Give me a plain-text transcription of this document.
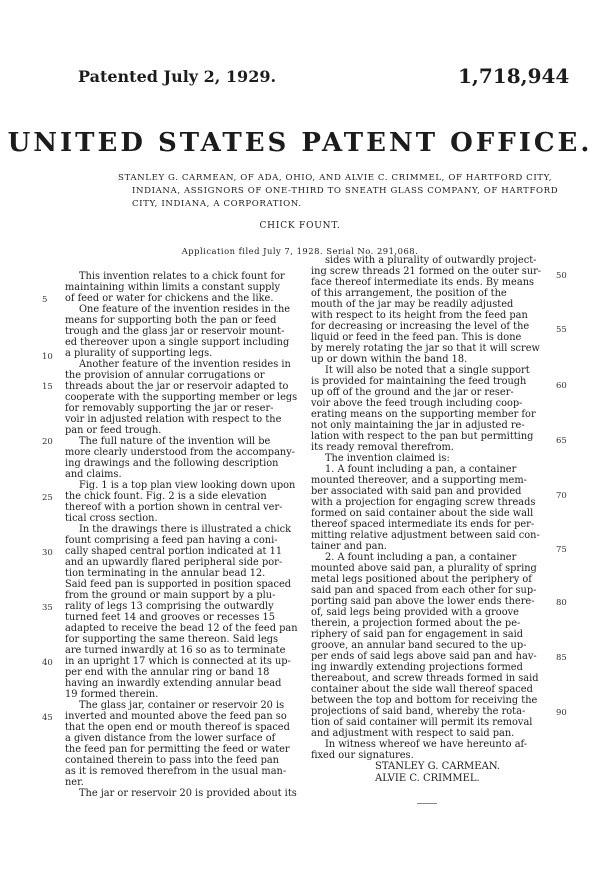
Patented July 2, 1929.	1,718,944
UNITED STATES PATENT OFFICE.
STANLEY G. CARMEAN, OF ADA, OHIO, AND ALVIE C. CRIMMEL, OF HARTFORD CITY,
INDIANA, ASSIGNORS OF ONE-THIRD TO SNEATH GLASS COMPANY, OF HARTFORD
CITY, INDIANA, A CORPORATION.
CHICK FOUNT.
Application filed July 7, 1928. Serial No. 291,068.

This invention relates to a chick fount for
maintaining within limits a constant supply
of feed or water for chickens and the like.

One feature of the invention resides in the
means for supporting both the pan or feed
trough and the glass jar or reservoir mount-
ed thereover upon a single support including
a plurality of supporting legs.

Another feature of the invention resides in
the provision of annular corrugations or
threads about the jar or reservoir adapted to
cooperate with the supporting member or legs
for removably supporting the jar or reser-
voir in adjusted relation with respect to the
pan or feed trough.

The full nature of the invention will be
more clearly understood from the accompany-
ing drawings and the following description
and claims.

Fig. 1 is a top plan view looking down upon
the chick fount. Fig. 2 is a side elevation
thereof with a portion shown in central ver-
tical cross section.

In the drawings there is illustrated a chick
fount comprising a feed pan having a coni-
cally shaped central portion indicated at 11
and an upwardly flared peripheral side por-
tion terminating in the annular bead 12.
Said feed pan is supported in position spaced
from the ground or main support by a plu-
rality of legs 13 comprising the outwardly
turned feet 14 and grooves or recesses 15
adapted to receive the bead 12 of the feed pan
for supporting the same thereon. Said legs
are turned inwardly at 16 so as to terminate
in an upright 17 which is connected at its up-
per end with the annular ring or band 18
having an inwardly extending annular bead
19 formed therein.

The glass jar, container or reservoir 20 is
inverted and mounted above the feed pan so
that the open end or mouth thereof is spaced
a given distance from the lower surface of
the feed pan for permitting the feed or water
contained therein to pass into the feed pan
as it is removed therefrom in the usual man-
ner.

The jar or reservoir 20 is provided about its

sides with a plurality of outwardly project-
ing screw threads 21 formed on the outer sur-
face thereof intermediate its ends. By means
of this arrangement, the position of the
mouth of the jar may be readily adjusted
with respect to its height from the feed pan
for decreasing or increasing the level of the
liquid or feed in the feed pan. This is done
by merely rotating the jar so that it will screw
up or down within the band 18.

It will also be noted that a single support
is provided for maintaining the feed trough
up off of the ground and the jar or reser-
voir above the feed trough including coop-
erating means on the supporting member for
not only maintaining the jar in adjusted re-
lation with respect to the pan but permitting
its ready removal therefrom.

The invention claimed is:

1. A fount including a pan, a container
mounted thereover, and a supporting mem-
ber associated with said pan and provided
with a projection for engaging screw threads
formed on said container about the side wall
thereof spaced intermediate its ends for per-
mitting relative adjustment between said con-
tainer and pan.

2. A fount including a pan, a container
mounted above said pan, a plurality of spring
metal legs positioned about the periphery of
said pan and spaced from each other for sup-
porting said pan above the lower ends there-
of, said legs being provided with a groove
therein, a projection formed about the pe-
riphery of said pan for engagement in said
groove, an annular band secured to the up-
per ends of said legs above said pan and hav-
ing inwardly extending projections formed
thereabout, and screw threads formed in said
container about the side wall thereof spaced
between the top and bottom for receiving the
projections of said band, whereby the rota-
tion of said container will permit its removal
and adjustment with respect to said pan.

In witness whereof we have hereunto af-
fixed our signatures.

STANLEY G. CARMEAN.
ALVIE C. CRIMMEL.
5
10
15
20
25
30
35
40
45
50
55
60
65
70
75
80
85
90
